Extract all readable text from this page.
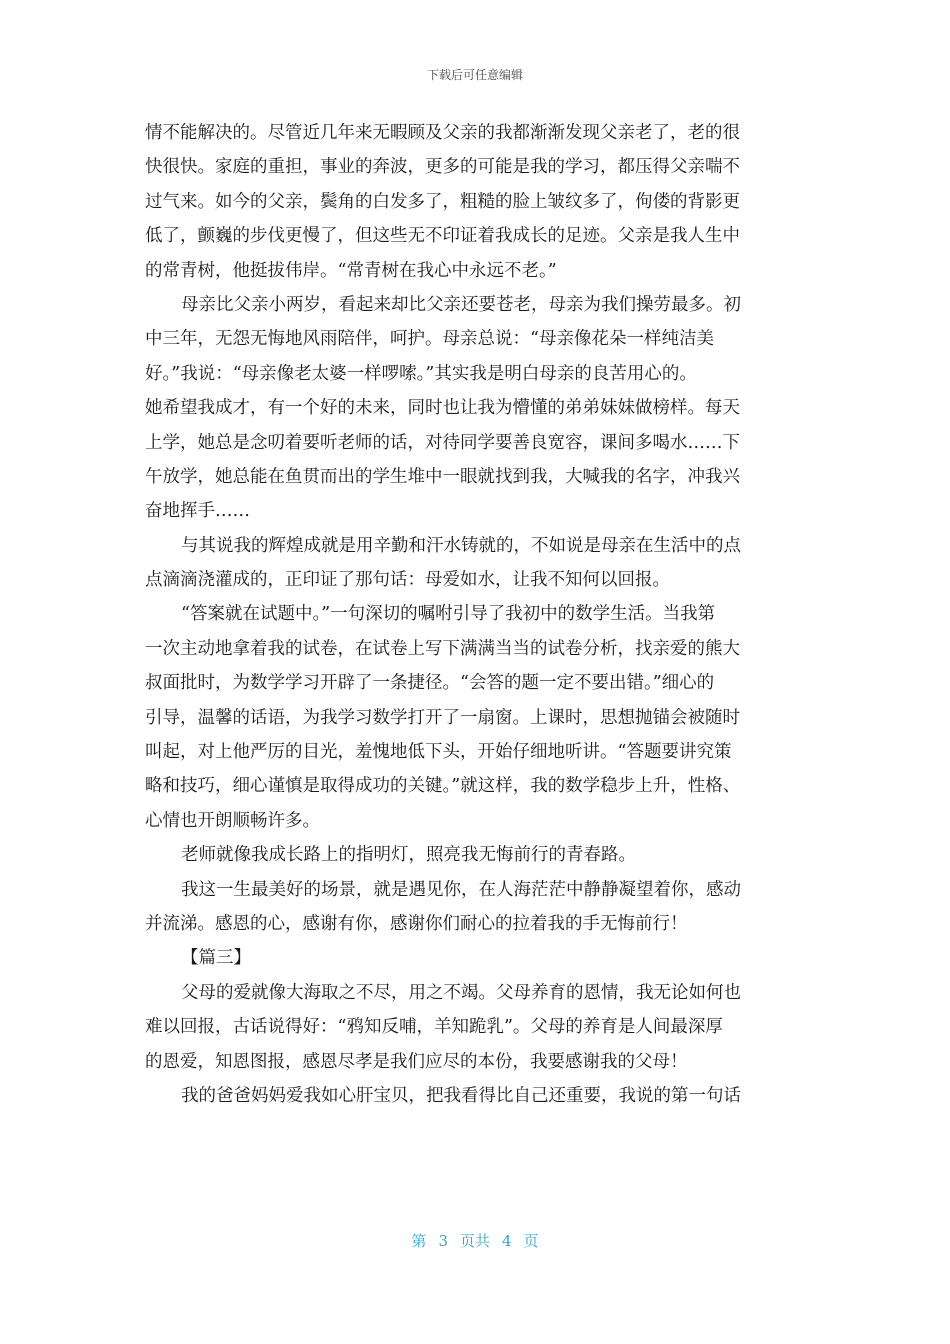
下载后可任意编辑
情不能解决的。尽管近几年来无暇顾及父亲的我都渐渐发现父亲老了，老的很
快很快。家庭的重担，事业的奔波，更多的可能是我的学习，都压得父亲喘不
过气来。如今的父亲，鬓角的白发多了，粗糙的脸上皱纹多了，佝偻的背影更
低了，颤巍的步伐更慢了，但这些无不印证着我成长的足迹。父亲是我人生中
的常青树，他挺拔伟岸。“常青树在我心中永远不老。”
母亲比父亲小两岁，看起来却比父亲还要苍老，母亲为我们操劳最多。初
中三年，无怨无悔地风雨陪伴，呵护。母亲总说：“母亲像花朵一样纯洁美
好。”我说：“母亲像老太婆一样啰嗦。”其实我是明白母亲的良苦用心的。
她希望我成才，有一个好的未来，同时也让我为懵懂的弟弟妹妹做榜样。每天
上学，她总是念叨着要听老师的话，对待同学要善良宽容，课间多喝水……下
午放学，她总能在鱼贯而出的学生堆中一眼就找到我，大喊我的名字，冲我兴
奋地挥手……
与其说我的辉煌成就是用辛勤和汗水铸就的，不如说是母亲在生活中的点
点滴滴浇灌成的，正印证了那句话：母爱如水，让我不知何以回报。
“答案就在试题中。”一句深切的嘱咐引导了我初中的数学生活。当我第
一次主动地拿着我的试卷，在试卷上写下满满当当的试卷分析，找亲爱的熊大
叔面批时，为数学学习开辟了一条捷径。“会答的题一定不要出错。”细心的
引导，温馨的话语，为我学习数学打开了一扇窗。上课时，思想抛锚会被随时
叫起，对上他严厉的目光，羞愧地低下头，开始仔细地听讲。“答题要讲究策
略和技巧，细心谨慎是取得成功的关键。”就这样，我的数学稳步上升，性格、
心情也开朗顺畅许多。
老师就像我成长路上的指明灯，照亮我无悔前行的青春路。
我这一生最美好的场景，就是遇见你，在人海茫茫中静静凝望着你，感动
并流涕。感恩的心，感谢有你，感谢你们耐心的拉着我的手无悔前行！
【篇三】
父母的爱就像大海取之不尽，用之不竭。父母养育的恩情，我无论如何也
难以回报，古话说得好：“鸦知反哺，羊知跪乳”。父母的养育是人间最深厚
的恩爱，知恩图报，感恩尽孝是我们应尽的本份，我要感谢我的父母！
我的爸爸妈妈爱我如心肝宝贝，把我看得比自己还重要，我说的第一句话
第 3 页共 4 页
